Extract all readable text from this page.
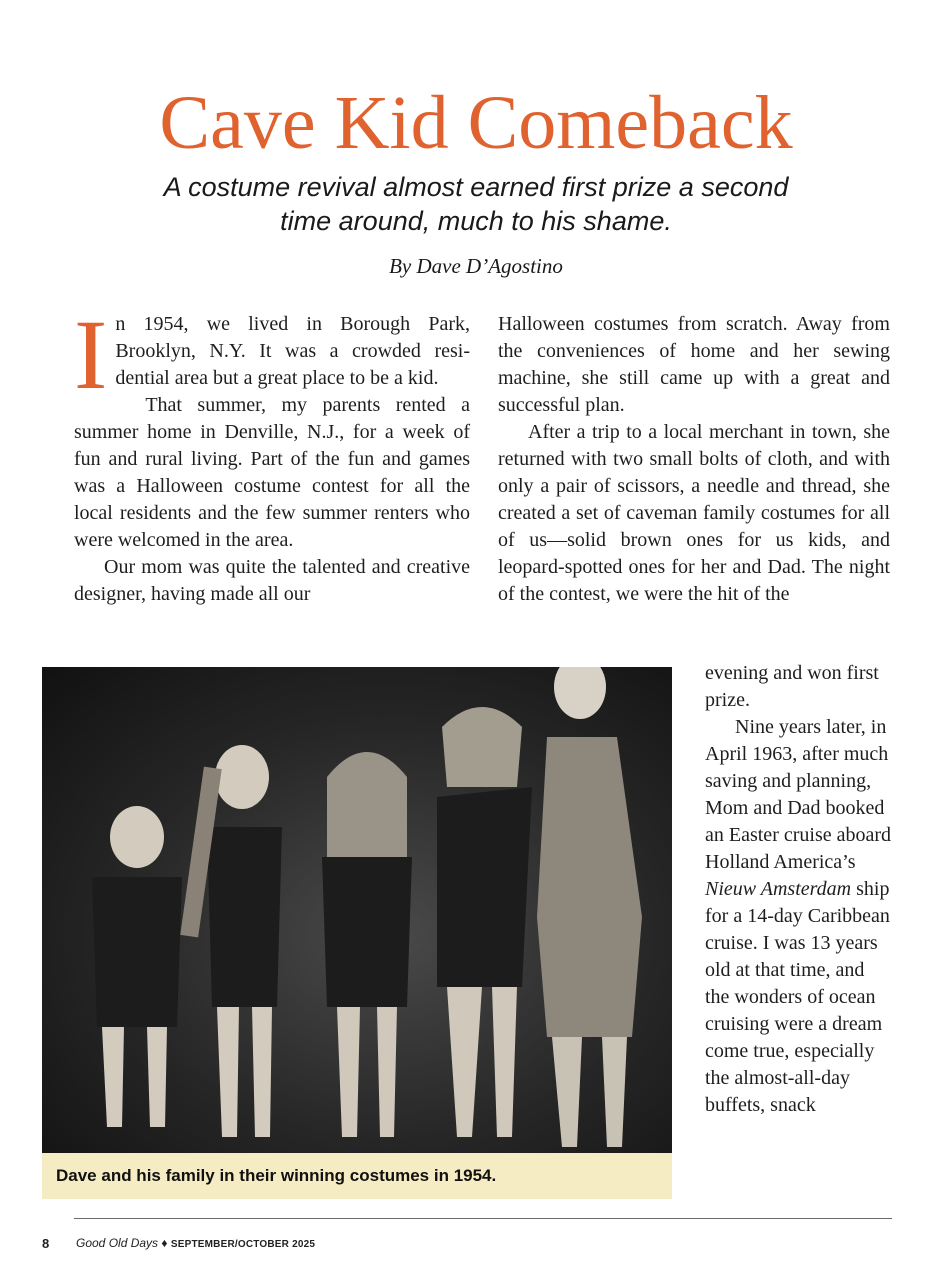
Cave Kid Comeback
A costume revival almost earned first prize a second time around, much to his shame.
By Dave D’Agostino

In 1954, we lived in Borough Park, Brooklyn, N.Y. It was a crowded resi-dential area but a great place to be a kid.

That summer, my parents rented a summer home in Denville, N.J., for a week of fun and rural living. Part of the fun and games was a Halloween costume contest for all the local residents and the few summer renters who were welcomed in the area.

Our mom was quite the talented and creative designer, having made all our

Halloween costumes from scratch. Away from the conveniences of home and her sewing machine, she still came up with a great and successful plan.

After a trip to a local merchant in town, she returned with two small bolts of cloth, and with only a pair of scissors, a needle and thread, she created a set of caveman family costumes for all of us—solid brown ones for us kids, and leopard-spotted ones for her and Dad. The night of the contest, we were the hit of the

evening and won first prize.

Nine years later, in April 1963, after much saving and planning, Mom and Dad booked an Easter cruise aboard Holland America’s Nieuw Amsterdam ship for a 14-day Caribbean cruise. I was 13 years old at that time, and the wonders of ocean cruising were a dream come true, especially the almost-all-day buffets, snack

Dave and his family in their winning costumes in 1954.
8 Good Old Days ♦ SEPTEMBER/OCTOBER 2025
